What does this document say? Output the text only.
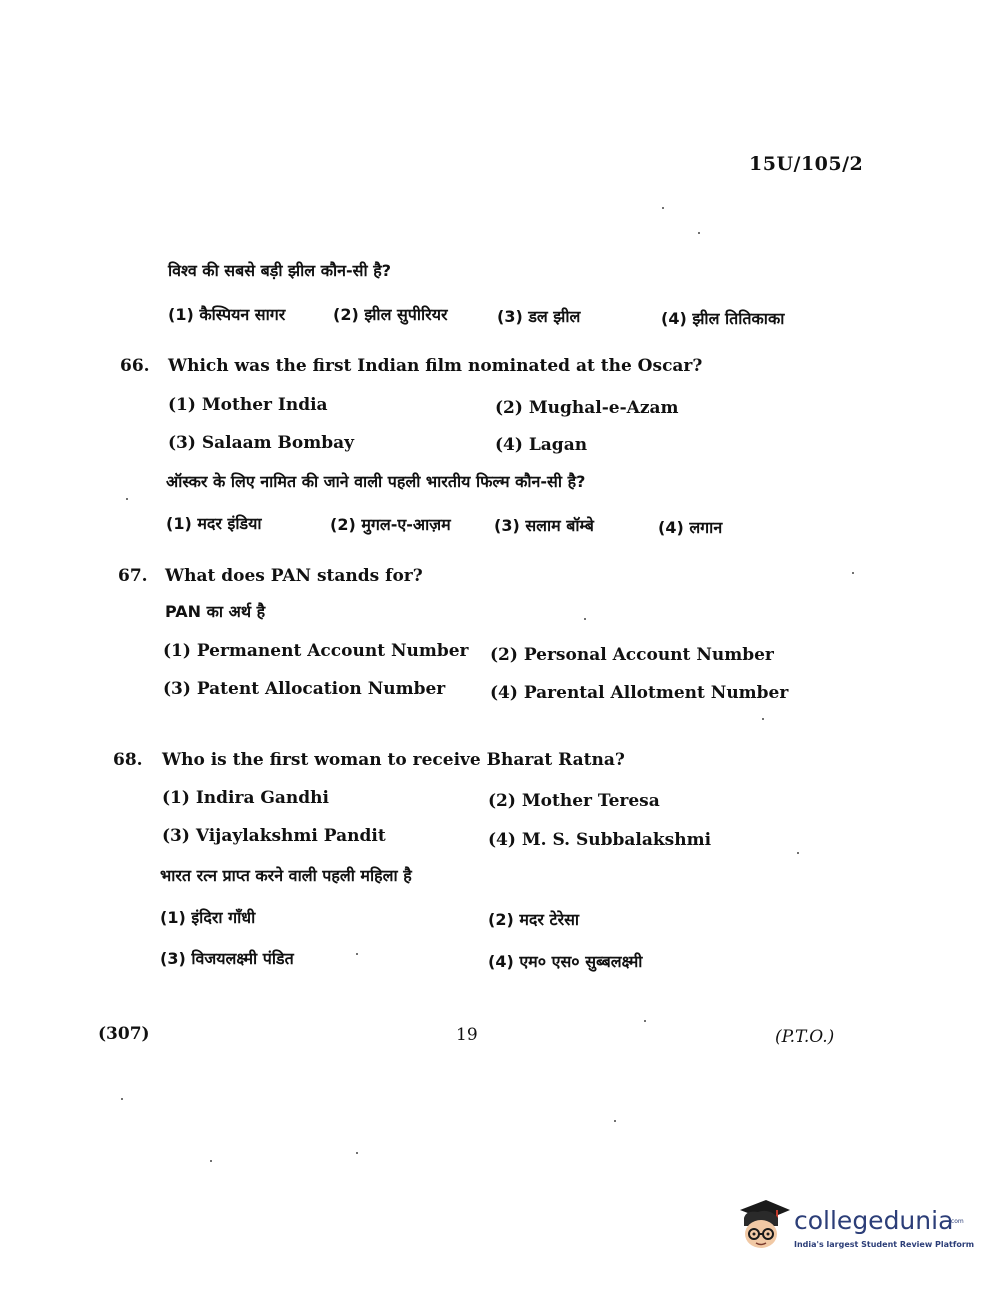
15U/105/2
विश्व की सबसे बड़ी झील कौन-सी है?
(1) कैस्पियन सागर	(2) झील सुपीरियर	(3) डल झील	(4) झील तितिकाका
66. Which was the first Indian film nominated at the Oscar?
(1) Mother India	(2) Mughal-e-Azam
(3) Salaam Bombay	(4) Lagan
ऑस्कर के लिए नामित की जाने वाली पहली भारतीय फिल्म कौन-सी है?
(1) मदर इंडिया	(2) मुगल-ए-आज़म	(3) सलाम बॉम्बे	(4) लगान
67. What does PAN stands for?
PAN का अर्थ है
(1) Permanent Account Number (2) Personal Account Number
(3) Patent Allocation Number	(4) Parental Allotment Number
68. Who is the first woman to receive Bharat Ratna?
(1) Indira Gandhi	(2) Mother Teresa
(3) Vijaylakshmi Pandit	(4) M. S. Subbalakshmi
भारत रत्न प्राप्त करने वाली पहली महिला है
(1) इंदिरा गाँधी	(2) मदर टेरेसा
(3) विजयलक्ष्मी पंडित	(4) एम० एस० सुब्बलक्ष्मी
(307)	19	(P.T.O.)
collegedunia
.com
India's largest Student Review Platform
